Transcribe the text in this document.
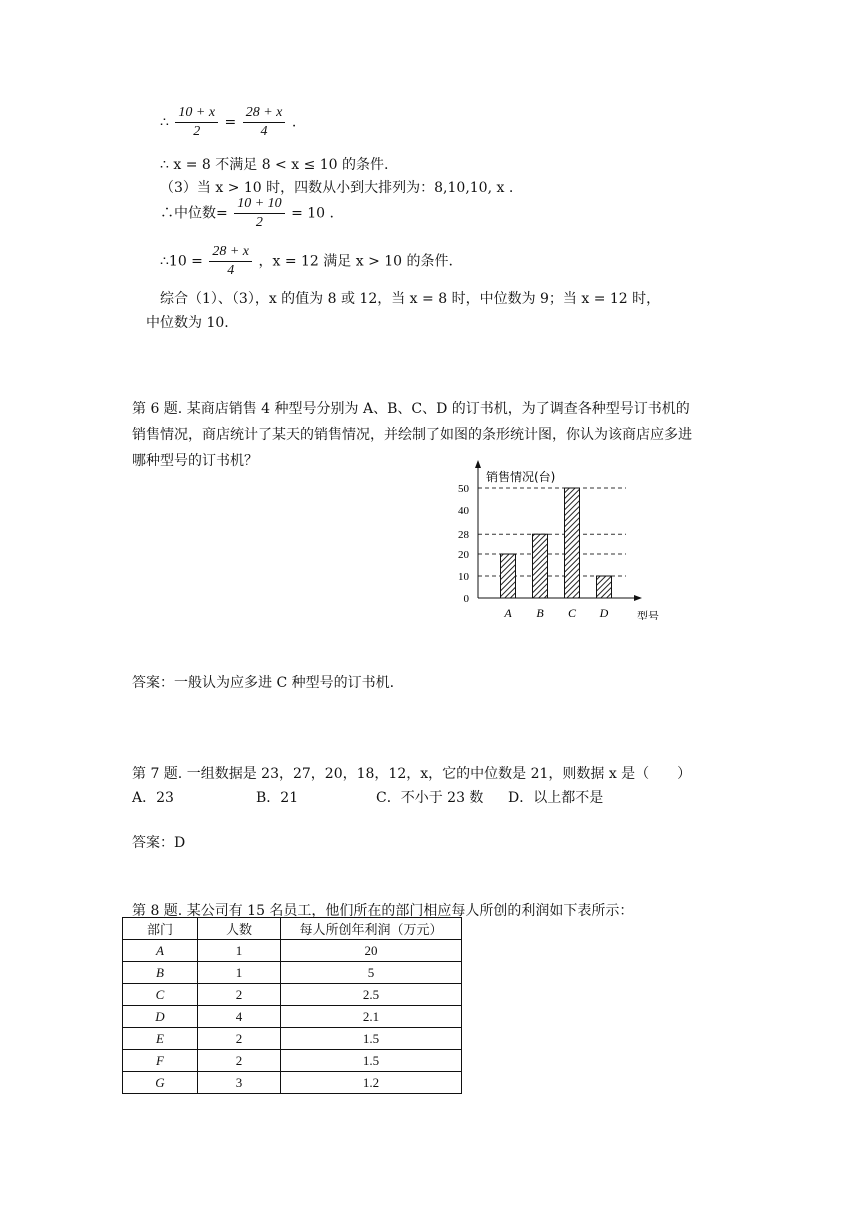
∴ $\frac{10 + x}{2} = \frac{28 + x}{4}$ .
∴ x = 8 不满足 8 < x ≤ 10 的条件.
（3）当 x > 10 时，四数从小到大排列为：8,10,10, x .
∴中位数= $\frac{10 + 10}{2} = 10$ .
∴10 = $\frac{28 + x}{4}$ ，x = 12 满足 x > 10 的条件.
综合（1）、（3），x 的值为 8 或 12，当 x = 8 时，中位数为 9；当 x = 12 时，
中位数为 10.
第 6 题. 某商店销售 4 种型号分别为 A、B、C、D 的订书机，为了调查各种型号订书机的
销售情况，商店统计了某天的销售情况，并绘制了如图的条形统计图，你认为该商店应多进
哪种型号的订书机？
销售情况(台)
型号
0
10
20
28
40
50
A B C D
答案：一般认为应多进 C 种型号的订书机.
第 7 题. 一组数据是 23，27，20，18，12，x，它的中位数是 21，则数据 x 是（　　）
A．23	B．21	C．不小于 23 数 D．以上都不是
答案：D
第 8 题. 某公司有 15 名员工，他们所在的部门相应每人所创的利润如下表所示：
部门	人数	每人所创年利润（万元）
A	1	20
B	1	5
C	2	2.5
D	4	2.1
E	2	1.5
F	2	1.5
G	3	1.2
